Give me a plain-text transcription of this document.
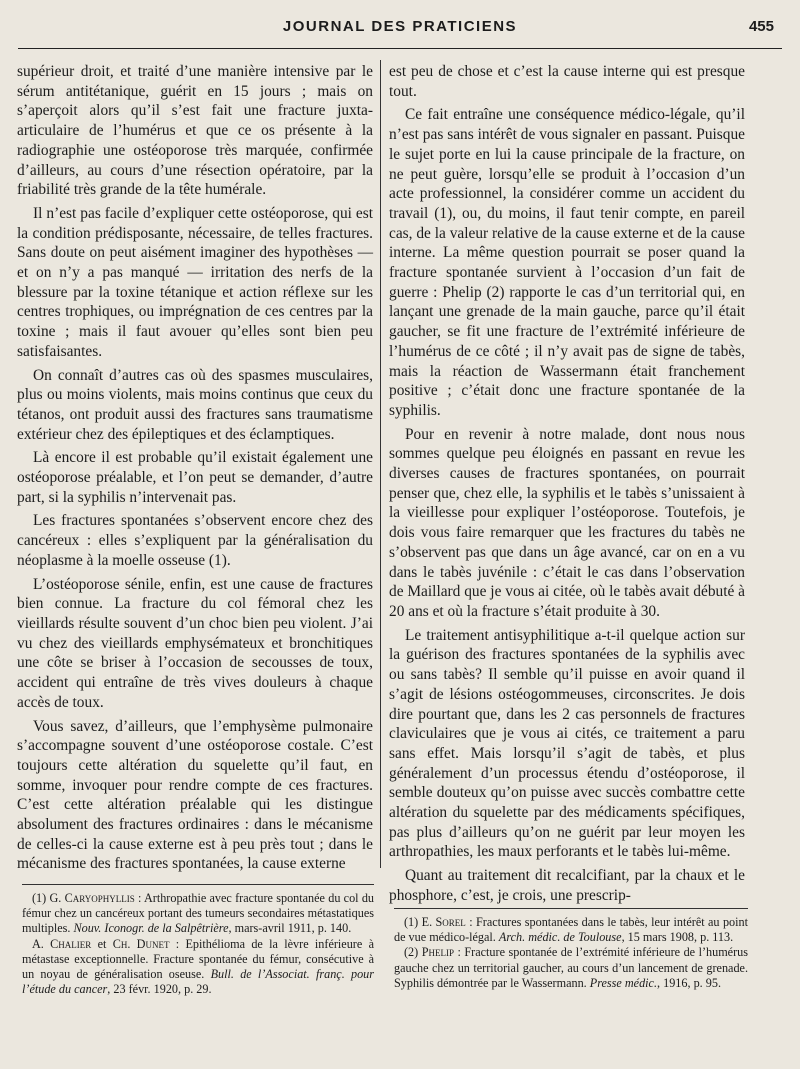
JOURNAL DES PRATICIENS	455

supérieur droit, et traité d’une manière intensive par le sérum antitétanique, guérit en 15 jours ; mais on s’aperçoit alors qu’il s’est fait une fracture juxta-articulaire de l’humérus et que ce os présente à la radiographie une ostéoporose très marquée, confirmée d’ailleurs, au cours d’une résection opératoire, par la friabilité très grande de la tête humérale.

Il n’est pas facile d’expliquer cette ostéoporose, qui est la condition prédisposante, nécessaire, de telles fractures. Sans doute on peut aisément imaginer des hypothèses — et on n’y a pas manqué — irritation des nerfs de la blessure par la toxine tétanique et action réflexe sur les centres trophiques, ou imprégnation de ces centres par la toxine ; mais il faut avouer qu’elles sont bien peu satisfaisantes.

On connaît d’autres cas où des spasmes musculaires, plus ou moins violents, mais moins continus que ceux du tétanos, ont produit aussi des fractures sans traumatisme extérieur chez des épileptiques et des éclamptiques.

Là encore il est probable qu’il existait également une ostéoporose préalable, et l’on peut se demander, d’autre part, si la syphilis n’intervenait pas.

Les fractures spontanées s’observent encore chez des cancéreux : elles s’expliquent par la généralisation du néoplasme à la moelle osseuse (1).

L’ostéoporose sénile, enfin, est une cause de fractures bien connue. La fracture du col fémoral chez les vieillards résulte souvent d’un choc bien peu violent. J’ai vu chez des vieillards emphysémateux et bronchitiques une côte se briser à l’occasion de secousses de toux, accident qui entraîne de très vives douleurs à chaque accès de toux.

Vous savez, d’ailleurs, que l’emphysème pulmonaire s’accompagne souvent d’une ostéoporose costale. C’est toujours cette altération du squelette qu’il faut, en somme, invoquer pour rendre compte de ces fractures. C’est cette altération préalable qui les distingue absolument des fractures ordinaires : dans le mécanisme de celles-ci la cause externe est à peu près tout ; dans le mécanisme des fractures spontanées, la cause externe

est peu de chose et c’est la cause interne qui est presque tout.

Ce fait entraîne une conséquence médico-légale, qu’il n’est pas sans intérêt de vous signaler en passant. Puisque le sujet porte en lui la cause principale de la fracture, on ne peut guère, lorsqu’elle se produit à l’occasion d’un acte professionnel, la considérer comme un accident du travail (1), ou, du moins, il faut tenir compte, en pareil cas, de la valeur relative de la cause externe et de la cause interne. La même question pourrait se poser quand la fracture spontanée survient à l’occasion d’un fait de guerre : Phelip (2) rapporte le cas d’un territorial qui, en lançant une grenade de la main gauche, parce qu’il était gaucher, se fit une fracture de l’extrémité inférieure de l’humérus de ce côté ; il n’y avait pas de signe de tabès, mais la réaction de Wassermann était franchement positive ; c’était donc une fracture spontanée de la syphilis.

Pour en revenir à notre malade, dont nous nous sommes quelque peu éloignés en passant en revue les diverses causes de fractures spontanées, on pourrait penser que, chez elle, la syphilis et le tabès s’unissaient à la vieillesse pour expliquer l’ostéoporose. Toutefois, je dois vous faire remarquer que les fractures du tabès ne s’observent pas que dans un âge avancé, car on en a vu dans le tabès juvénile : c’était le cas dans l’observation de Maillard que je vous ai citée, où le tabès avait débuté à 20 ans et où la fracture s’était produite à 30.

Le traitement antisyphilitique a-t-il quelque action sur la guérison des fractures spontanées de la syphilis avec ou sans tabès? Il semble qu’il puisse en avoir quand il s’agit de lésions ostéogommeuses, circonscrites. Je dois dire pourtant que, dans les 2 cas personnels de fractures claviculaires que je vous ai cités, ce traitement a paru sans effet. Mais lorsqu’il s’agit de tabès, et plus généralement d’un processus étendu d’ostéoporose, il semble douteux qu’on puisse avec succès combattre cette altération du squelette par des médicaments spécifiques, pas plus d’ailleurs qu’on ne guérit par leur moyen les arthropathies, les maux perforants et le tabès lui-même.

Quant au traitement dit recalcifiant, par la chaux et le phosphore, c’est, je crois, une prescrip-

(1) G. Caryophyllis : Arthropathie avec fracture spontanée du col du fémur chez un cancéreux portant des tumeurs secondaires métastatiques multiples. Nouv. Iconogr. de la Salpêtrière, mars-avril 1911, p. 140.

A. Chalier et Ch. Dunet : Epithélioma de la lèvre inférieure à métastase exceptionnelle. Fracture spontanée du fémur, consécutive à un noyau de généralisation oseuse. Bull. de l’Associat. franç. pour l’étude du cancer, 23 févr. 1920, p. 29.

(1) E. Sorel : Fractures spontanées dans le tabès, leur intérêt au point de vue médico-légal. Arch. médic. de Toulouse, 15 mars 1908, p. 113.

(2) Phelip : Fracture spontanée de l’extrémité inférieure de l’humérus gauche chez un territorial gaucher, au cours d’un lancement de grenade. Syphilis démontrée par le Wassermann. Presse médic., 1916, p. 95.
